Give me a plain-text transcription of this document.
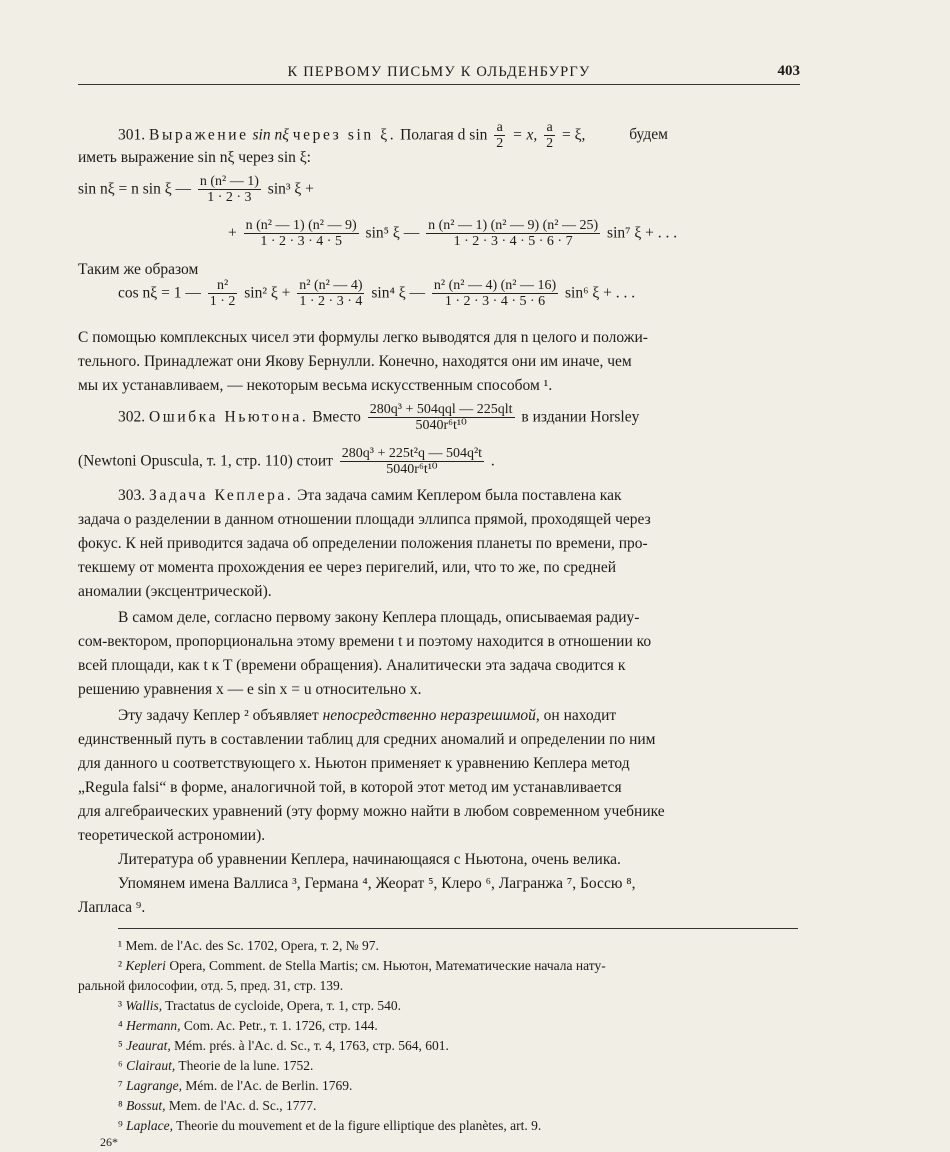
К ПЕРВОМУ ПИСЬМУ К ОЛЬДЕНБУРГУ	403
301. Выражение sin nξ через sin ξ. Полагая d $\sin \frac{a}{2} = x$, $\frac{a}{2} = \xi$,	будем
иметь выражение sin nξ через sin ξ:
sin nξ = n sin ξ — $\frac{\text{n (n² — 1)}}{1 \cdot 2 \cdot 3} \sin^3$ ξ +
+ $\frac{\text{n (n² — 1) (n² — 9)}}{1 \cdot 2 \cdot 3 \cdot 4 \cdot 5} \sin^5$ ξ — $\frac{\text{n (n² — 1) (n² — 9) (n² — 25)}}{1 \cdot 2 \cdot 3 \cdot 4 \cdot 5 \cdot 6 \cdot 7} \sin^7$ ξ + . . .
Таким же образом
cos nξ = 1 — $\frac{\text{n²}}{1 \cdot 2} \sin^2$ $\xi + \frac{\text{n² (n² — 4)}}{1 \cdot 2 \cdot 3 \cdot 4} \sin^4$ ξ — $\frac{\text{n² (n² — 4) (n² — 16)}}{1 \cdot 2 \cdot 3 \cdot 4 \cdot 5 \cdot 6} \sin^6$ ξ + . . .
С помощью комплексных чисел эти формулы легко выводятся для n целого и положи-
тельного. Принадлежат они Якову Бернулли. Конечно, находятся они им иначе, чем
мы их устанавливаем, — некоторым весьма искусственным способом ¹.
302. Ошибка Ньютона. Вместо $\frac{\text{280q³ + 504qql — 225qlt}}{\text{5040r⁶t¹⁰}}$ в издании Horsley
(Newtoni Opuscula, т. 1, стр. 110) стоит $\frac{\text{280q³ + 225t²q — 504q²t}}{\text{5040r⁶t¹⁰}}$ .
303. Задача Кеплера. Эта задача самим Кеплером была поставлена как
задача о разделении в данном отношении площади эллипса прямой, проходящей через
фокус. К ней приводится задача об определении положения планеты по времени, про-
текшему от момента прохождения ее через перигелий, или, что то же, по средней
аномалии (эксцентрической).
В самом деле, согласно первому закону Кеплера площадь, описываемая радиу-
сом-вектором, пропорциональна этому времени t и поэтому находится в отношении ко
всей площади, как t к T (времени обращения). Аналитически эта задача сводится к
решению уравнения x — e sin x = u относительно x.
Эту задачу Кеплер ² объявляет непосредственно неразрешимой, он находит
единственный путь в составлении таблиц для средних аномалий и определении по ним
для данного u соответствующего x. Ньютон применяет к уравнению Кеплера метод
„Regula falsi“ в форме, аналогичной той, в которой этот метод им устанавливается
для алгебраических уравнений (эту форму можно найти в любом современном учебнике
теоретической астрономии).
Литература об уравнении Кеплера, начинающаяся с Ньютона, очень велика.
Упомянем имена Валлиса ³, Германа ⁴, Жеорат ⁵, Клеро ⁶, Лагранжа ⁷, Боссю ⁸,
Лапласа ⁹.
¹ Mem. de l'Ac. des Sc. 1702, Opera, т. 2, № 97.
² Kepleri Opera, Comment. de Stella Martis; см. Ньютон, Математические начала нату-
ральной философии, отд. 5, пред. 31, стр. 139.
³ Wallis, Tractatus de cycloide, Opera, т. 1, стр. 540.
⁴ Hermann, Com. Ac. Petr., т. 1. 1726, стр. 144.
⁵ Jeaurat, Mém. prés. à l'Ac. d. Sc., т. 4, 1763, стр. 564, 601.
⁶ Clairaut, Theorie de la lune. 1752.
⁷ Lagrange, Mém. de l'Ac. de Berlin. 1769.
⁸ Bossut, Mem. de l'Ac. d. Sc., 1777.
⁹ Laplace, Theorie du mouvement et de la figure elliptique des planètes, art. 9.
26*
